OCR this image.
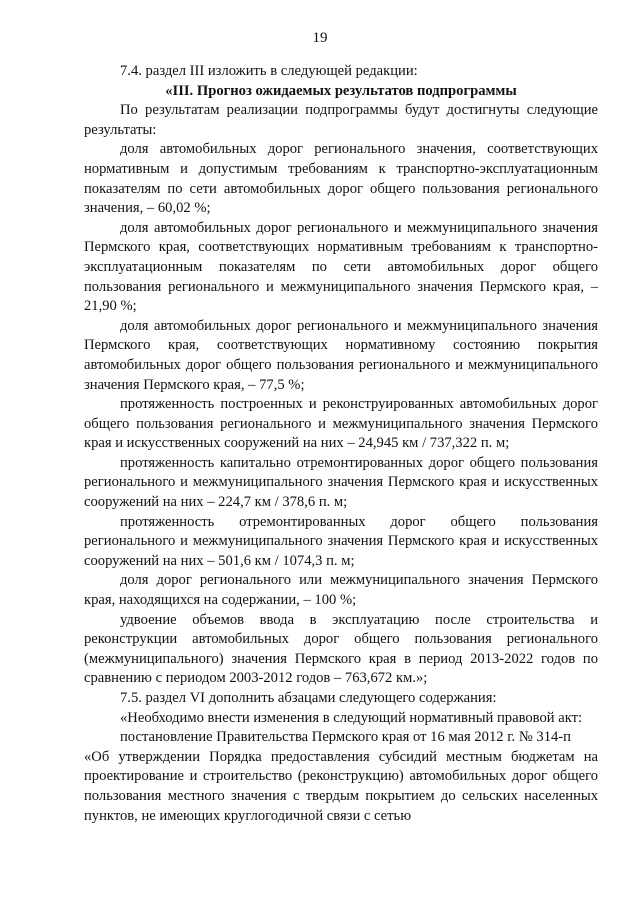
19

7.4. раздел III изложить в следующей редакции:

«III. Прогноз ожидаемых результатов подпрограммы

По результатам реализации подпрограммы будут достигнуты следующие результаты:

доля автомобильных дорог регионального значения, соответствующих нормативным и допустимым требованиям к транспортно-эксплуатационным показателям по сети автомобильных дорог общего пользования регионального значения, – 60,02 %;

доля автомобильных дорог регионального и межмуниципального значения Пермского края, соответствующих нормативным требованиям к транспортно-эксплуатационным показателям по сети автомобильных дорог общего пользования регионального и межмуниципального значения Пермского края, – 21,90 %;

доля автомобильных дорог регионального и межмуниципального значения Пермского края, соответствующих нормативному состоянию покрытия автомобильных дорог общего пользования регионального и межмуниципального значения Пермского края, – 77,5 %;

протяженность построенных и реконструированных автомобильных дорог общего пользования регионального и межмуниципального значения Пермского края и искусственных сооружений на них – 24,945 км / 737,322 п. м;

протяженность капитально отремонтированных дорог общего пользования регионального и межмуниципального значения Пермского края и искусственных сооружений на них – 224,7 км / 378,6 п. м;

протяженность отремонтированных дорог общего пользования регионального и межмуниципального значения Пермского края и искусственных сооружений на них – 501,6 км / 1074,3 п. м;

доля дорог регионального или межмуниципального значения Пермского края, находящихся на содержании, – 100 %;

удвоение объемов ввода в эксплуатацию после строительства и реконструкции автомобильных дорог общего пользования регионального (межмуниципального) значения Пермского края в период 2013-2022 годов по сравнению с периодом 2003-2012 годов – 763,672 км.»;

7.5. раздел VI дополнить абзацами следующего содержания:

«Необходимо внести изменения в следующий нормативный правовой акт:

постановление Правительства Пермского края от 16 мая 2012 г. № 314-п

«Об утверждении Порядка предоставления субсидий местным бюджетам на проектирование и строительство (реконструкцию) автомобильных дорог общего пользования местного значения с твердым покрытием до сельских населенных пунктов, не имеющих круглогодичной связи с сетью
